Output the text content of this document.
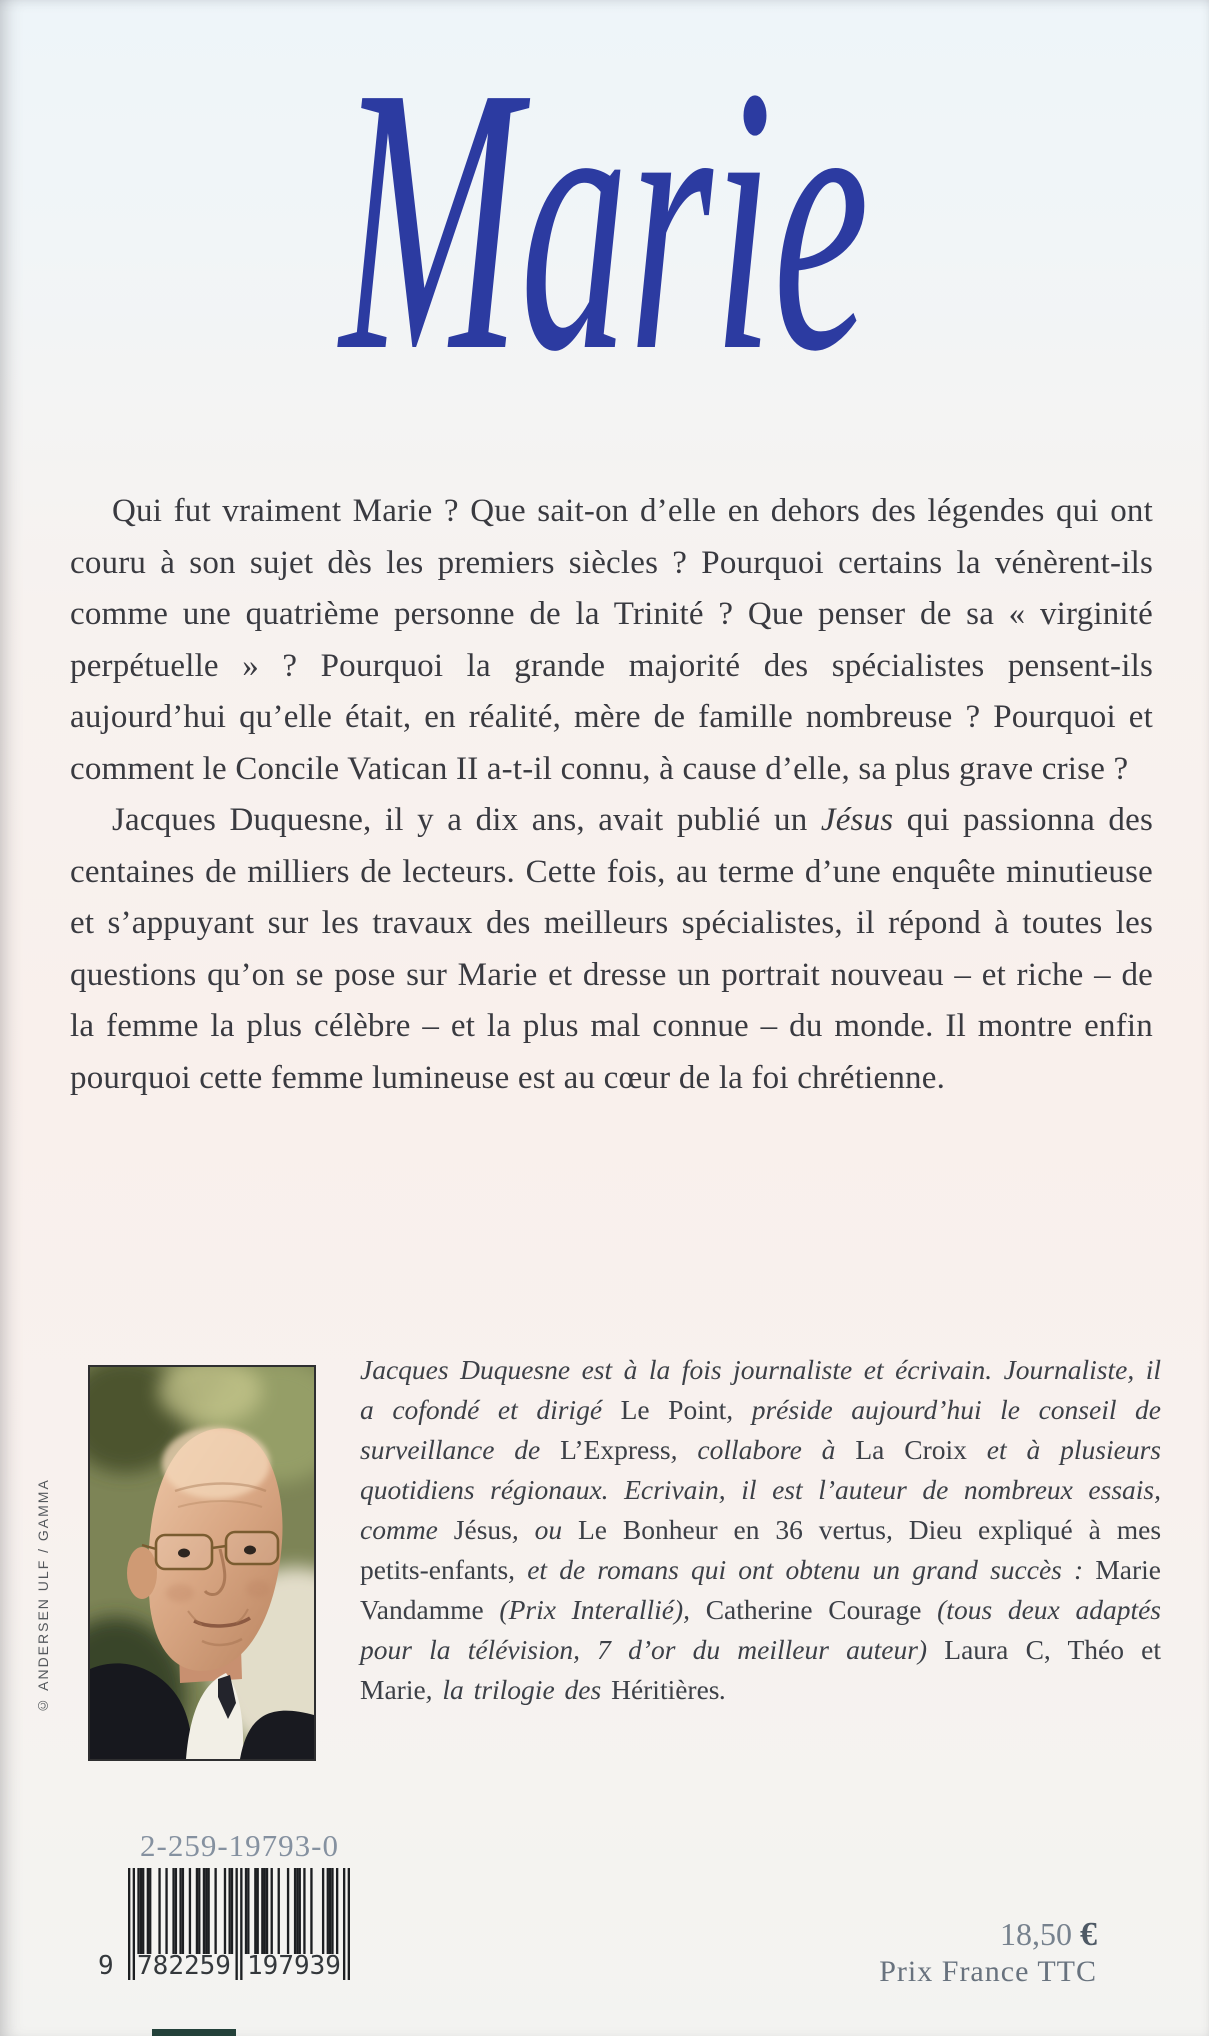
Marie

Qui fut vraiment Marie ? Que sait-on d’elle en dehors des légendes qui ont couru à son sujet dès les premiers siècles ? Pourquoi certains la vénèrent-ils comme une quatrième personne de la Trinité ? Que penser de sa « virginité perpétuelle » ? Pourquoi la grande majorité des spécialistes pensent-ils aujourd’hui qu’elle était, en réalité, mère de famille nombreuse ? Pourquoi et comment le Concile Vatican II a-t-il connu, à cause d’elle, sa plus grave crise ?

Jacques Duquesne, il y a dix ans, avait publié un Jésus qui passionna des centaines de milliers de lecteurs. Cette fois, au terme d’une enquête minutieuse et s’appuyant sur les travaux des meilleurs spécialistes, il répond à toutes les questions qu’on se pose sur Marie et dresse un portrait nouveau – et riche – de la femme la plus célèbre – et la plus mal connue – du monde. Il montre enfin pourquoi cette femme lumineuse est au cœur de la foi chrétienne.

© ANDERSEN ULF / GAMMA
Jacques Duquesne est à la fois journaliste et écrivain. Journaliste, il a cofondé et dirigé Le Point, préside aujourd’hui le conseil de surveillance de L’Express, collabore à La Croix et à plusieurs quotidiens régionaux. Ecrivain, il est l’auteur de nombreux essais, comme Jésus, ou Le Bonheur en 36 vertus, Dieu expliqué à mes petits-enfants, et de romans qui ont obtenu un grand succès : Marie Vandamme (Prix Interallié), Catherine Courage (tous deux adaptés pour la télévision, 7 d’or du meilleur auteur) Laura C, Théo et Marie, la trilogie des Héritières.
2-259-19793-0
9 782259 197939
18,50 €
Prix France TTC
